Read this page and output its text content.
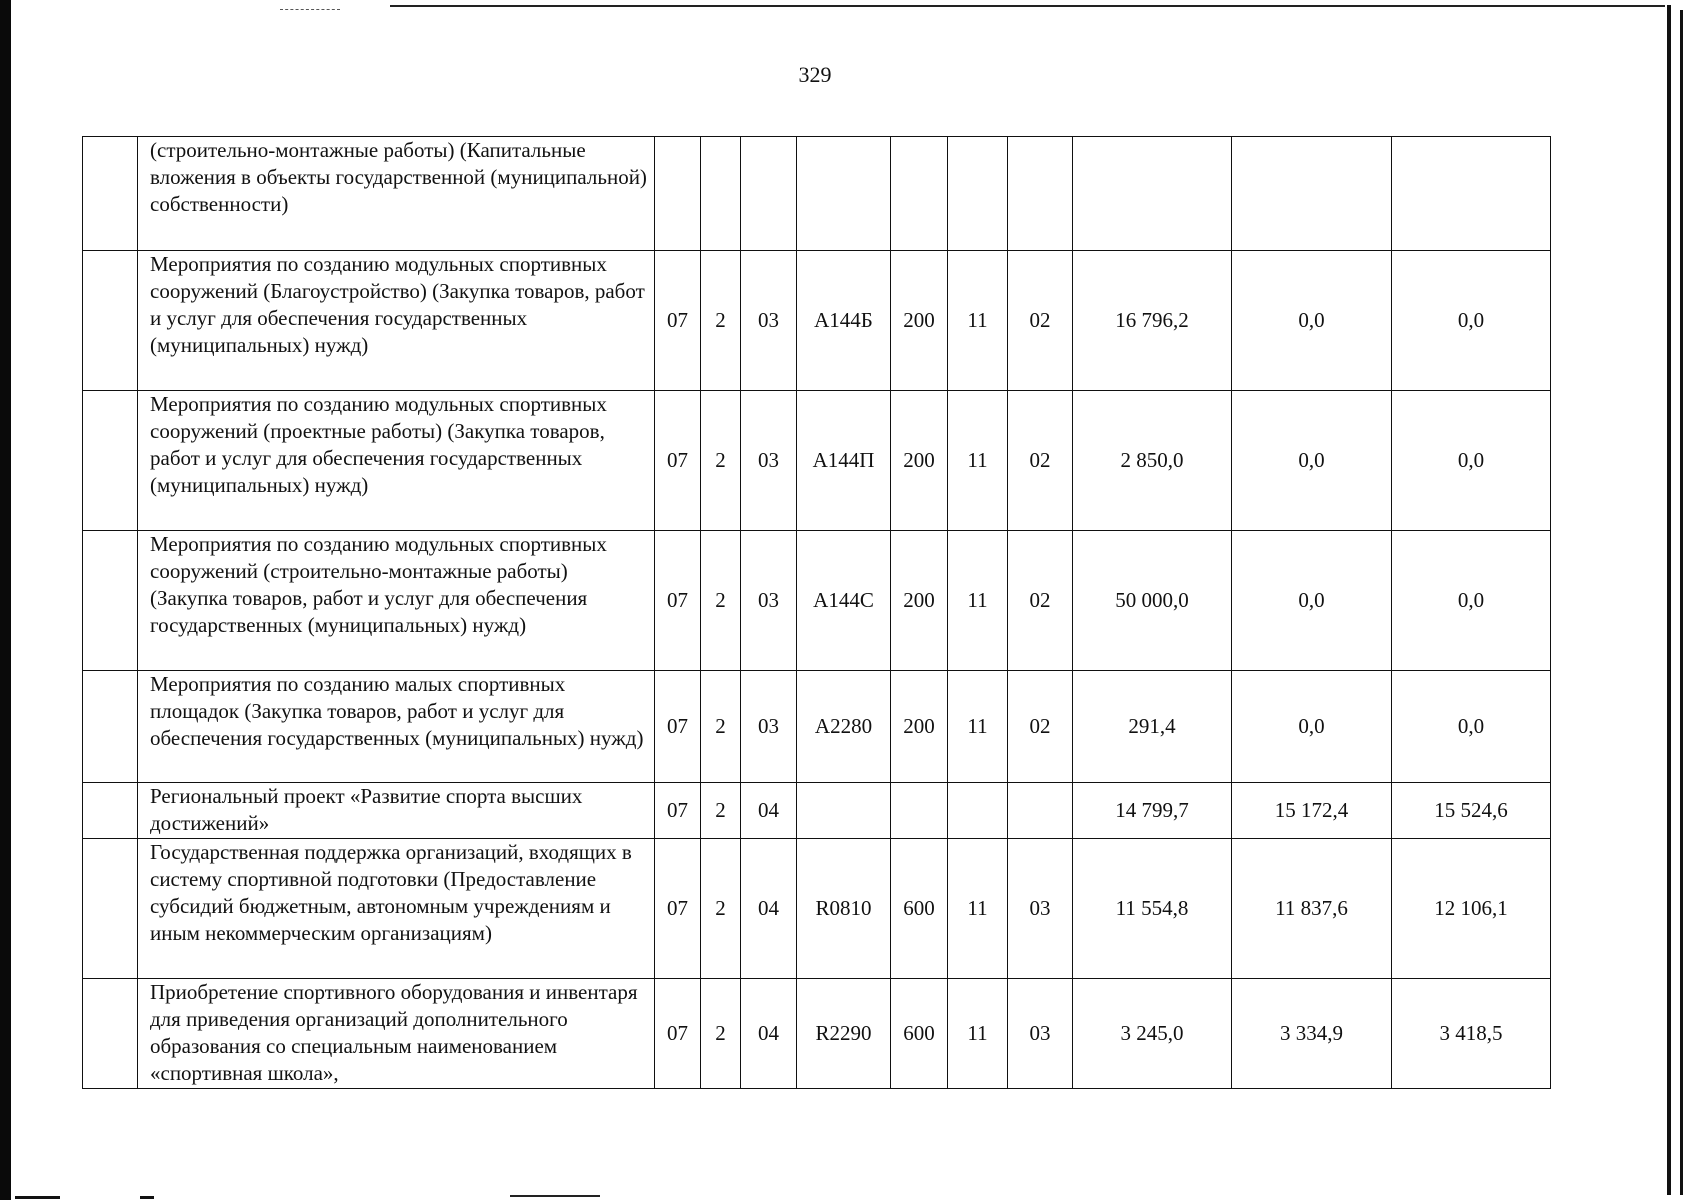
329
	(строительно-монтажные работы) (Капитальные вложения в объекты государственной (муниципальной) собственности)										
	Мероприятия по созданию модульных спортивных сооружений (Благоустройство) (Закупка товаров, работ и услуг для обеспечения государственных (муниципальных) нужд)	07	2	03	А144Б	200	11	02	16 796,2	0,0	0,0
	Мероприятия по созданию модульных спортивных сооружений (проектные работы) (Закупка товаров, работ и услуг для обеспечения государственных (муниципальных) нужд)	07	2	03	А144П	200	11	02	2 850,0	0,0	0,0
	Мероприятия по созданию модульных спортивных сооружений (строительно-монтажные работы) (Закупка товаров, работ и услуг для обеспечения государственных (муниципальных) нужд)	07	2	03	А144С	200	11	02	50 000,0	0,0	0,0
	Мероприятия по созданию малых спортивных площадок (Закупка товаров, работ и услуг для обеспечения государственных (муниципальных) нужд)	07	2	03	А2280	200	11	02	291,4	0,0	0,0
	Региональный проект «Развитие спорта высших достижений»	07	2	04					14 799,7	15 172,4	15 524,6
	Государственная поддержка организаций, входящих в систему спортивной подготовки (Предоставление субсидий бюджетным, автономным учреждениям и иным некоммерческим организациям)	07	2	04	R0810	600	11	03	11 554,8	11 837,6	12 106,1
	Приобретение спортивного оборудования и инвентаря для приведения организаций дополнительного образования со специальным наименованием «спортивная школа»,	07	2	04	R2290	600	11	03	3 245,0	3 334,9	3 418,5
